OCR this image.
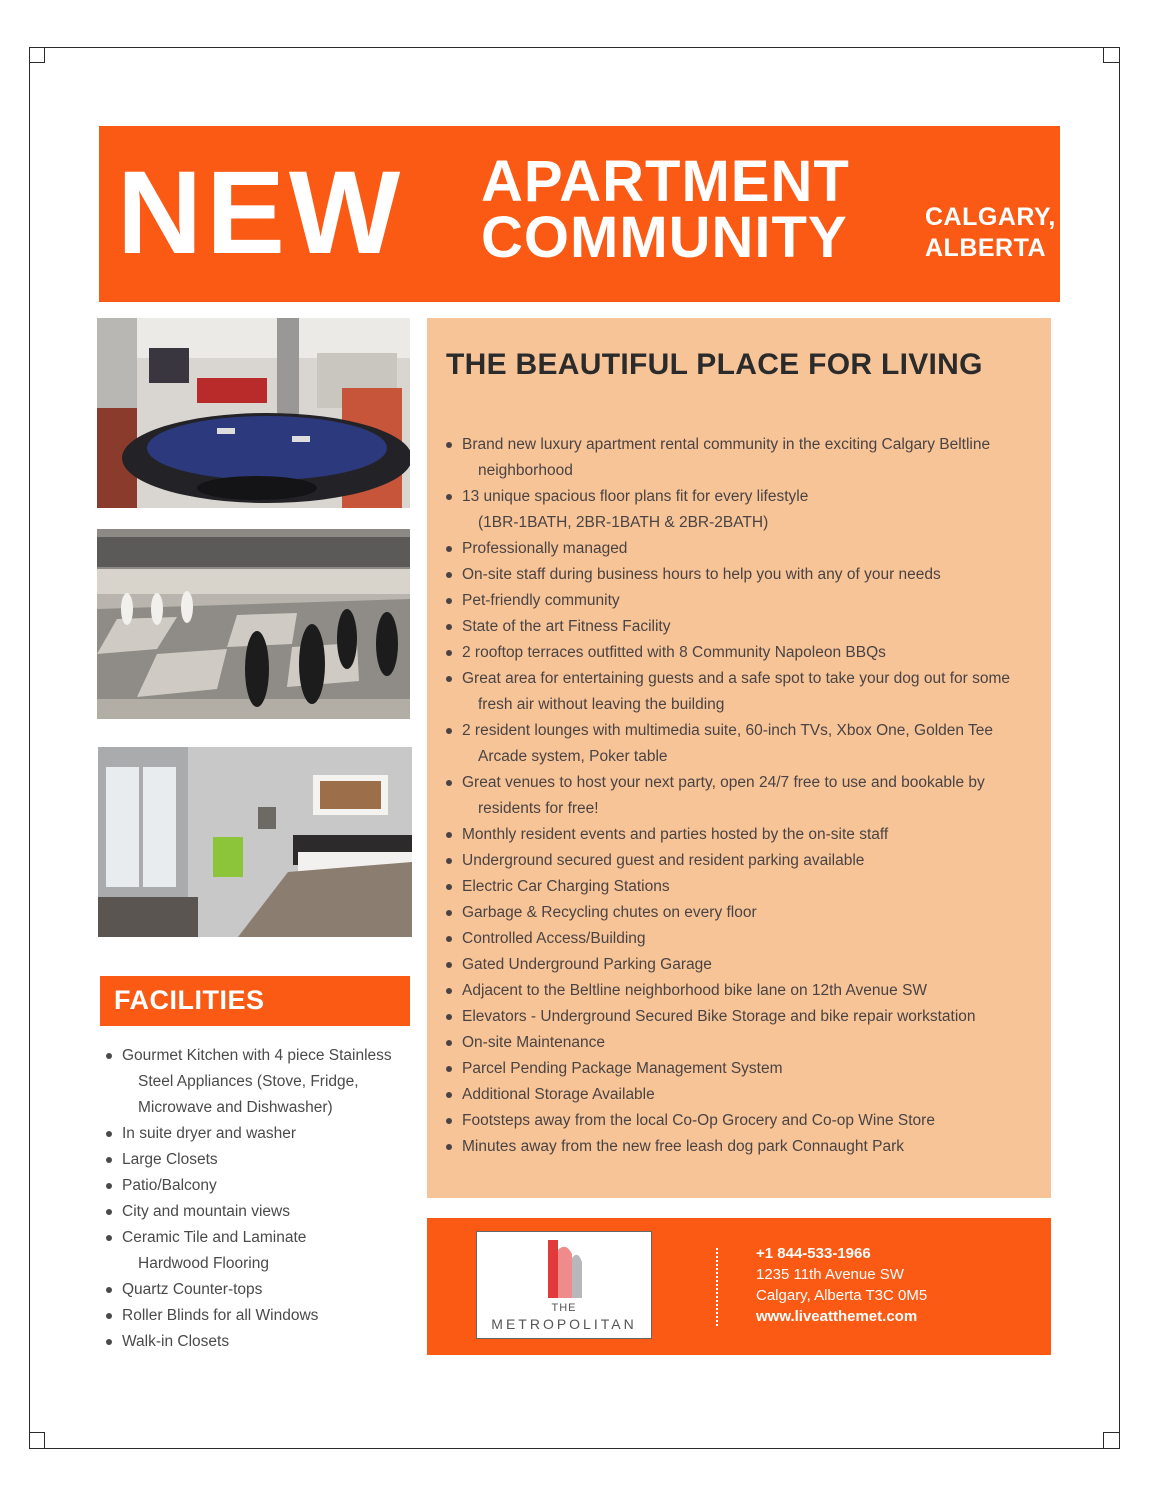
NEW APARTMENT
COMMUNITY	CALGARY,
ALBERTA
FACILITIES
Gourmet Kitchen with 4 piece Stainless
Steel Appliances (Stove, Fridge,
Microwave and Dishwasher)
In suite dryer and washer
Large Closets
Patio/Balcony
City and mountain views
Ceramic Tile and Laminate
Hardwood Flooring
Quartz Counter-tops
Roller Blinds for all Windows
Walk-in Closets
THE BEAUTIFUL PLACE FOR LIVING
Brand new luxury apartment rental community in the exciting Calgary Beltline
neighborhood
13 unique spacious floor plans fit for every lifestyle
(1BR-1BATH, 2BR-1BATH & 2BR-2BATH)
Professionally managed
On-site staff during business hours to help you with any of your needs
Pet-friendly community
State of the art Fitness Facility
2 rooftop terraces outfitted with 8 Community Napoleon BBQs
Great area for entertaining guests and a safe spot to take your dog out for some
fresh air without leaving the building
2 resident lounges with multimedia suite, 60-inch TVs, Xbox One, Golden Tee
Arcade system, Poker table
Great venues to host your next party, open 24/7 free to use and bookable by
residents for free!
Monthly resident events and parties hosted by the on-site staff
Underground secured guest and resident parking available
Electric Car Charging Stations
Garbage & Recycling chutes on every floor
Controlled Access/Building
Gated Underground Parking Garage
Adjacent to the Beltline neighborhood bike lane on 12th Avenue SW
Elevators - Underground Secured Bike Storage and bike repair workstation
On-site Maintenance
Parcel Pending Package Management System
Additional Storage Available
Footsteps away from the local Co-Op Grocery and Co-op Wine Store
Minutes away from the new free leash dog park Connaught Park
THE
METROPOLITAN
+1 844-533-1966
1235 11th Avenue SW
Calgary, Alberta T3C 0M5
www.liveatthemet.com
